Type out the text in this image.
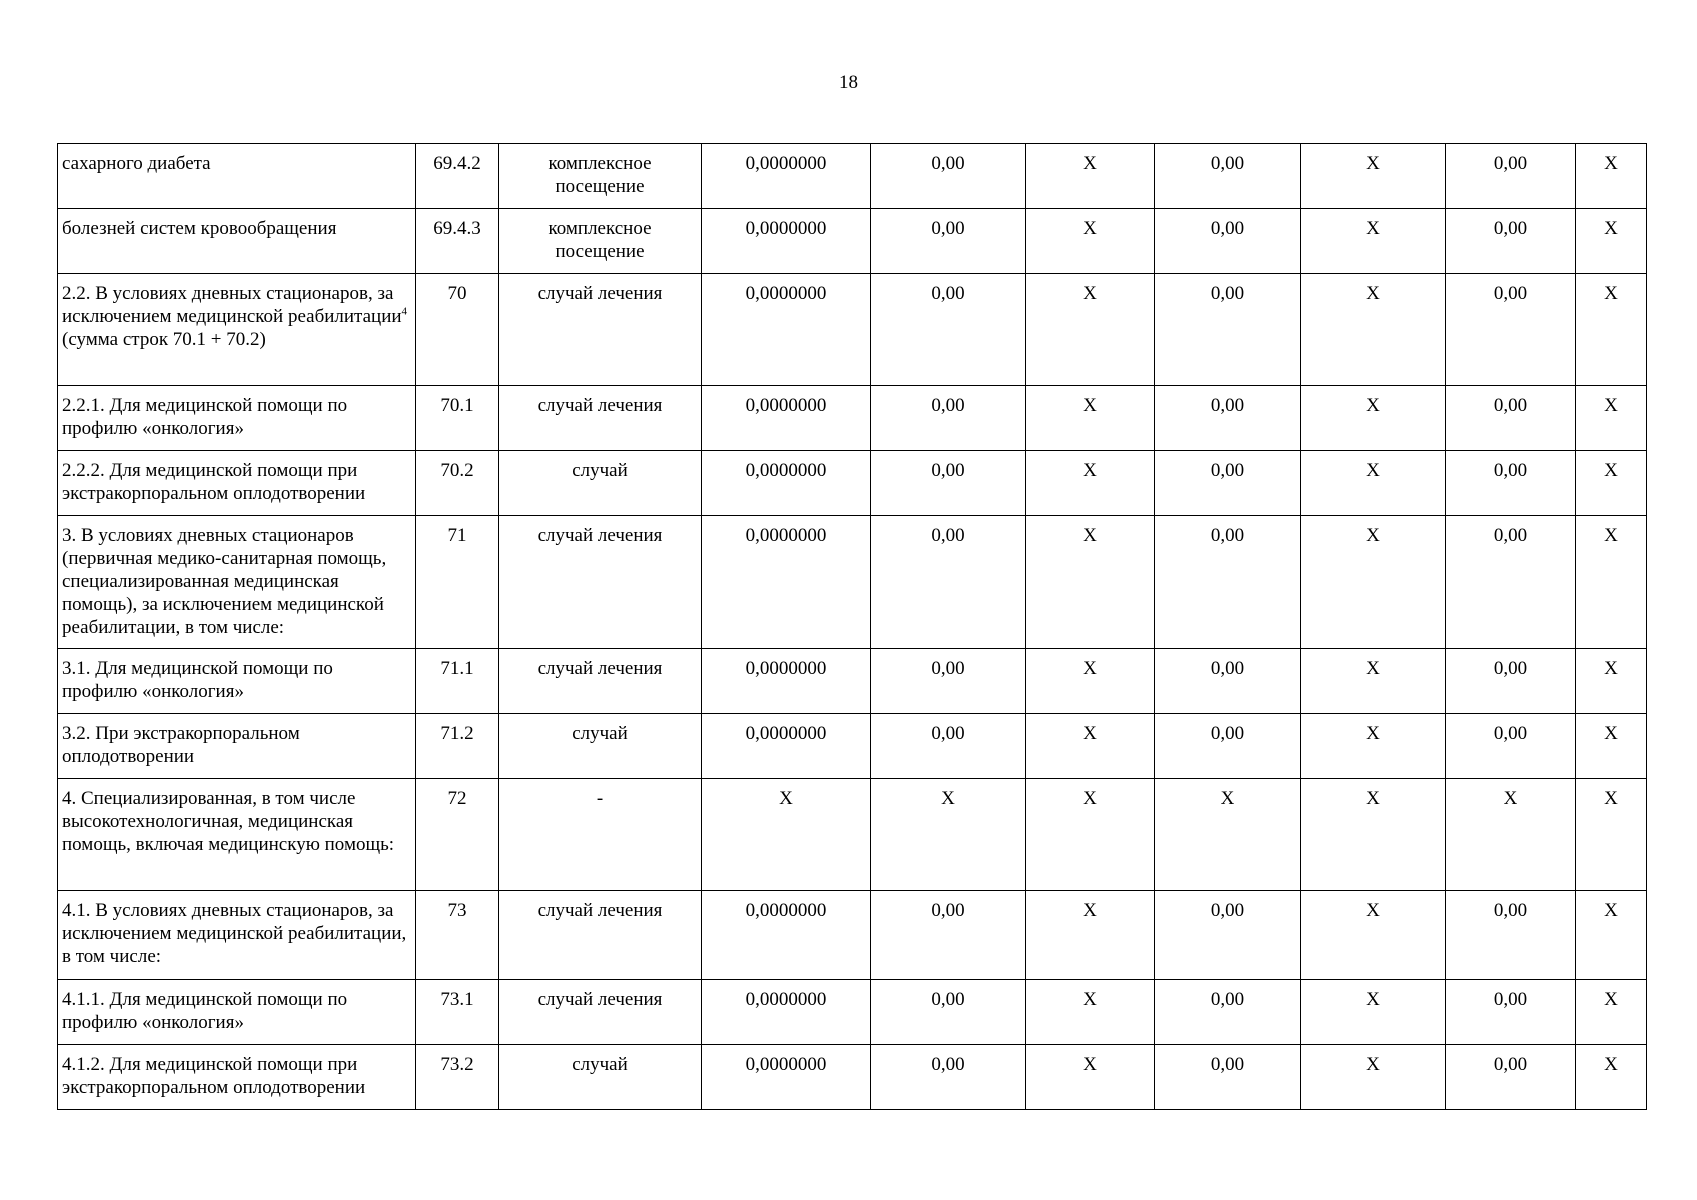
18
сахарного диабета	69.4.2	комплексное посещение	0,0000000	0,00	X	0,00	X	0,00	X
болезней систем кровообращения	69.4.3	комплексное посещение	0,0000000	0,00	X	0,00	X	0,00	X
2.2. В условиях дневных стационаров, за исключением медицинской реабилитации$^4$ (сумма строк 70.1 + 70.2)	70	случай лечения	0,0000000	0,00	X	0,00	X	0,00	X
2.2.1. Для медицинской помощи по профилю «онкология»	70.1	случай лечения	0,0000000	0,00	X	0,00	X	0,00	X
2.2.2. Для медицинской помощи при экстракорпоральном оплодотворении	70.2	случай	0,0000000	0,00	X	0,00	X	0,00	X
3. В условиях дневных стационаров (первичная медико-санитарная помощь, специализированная медицинская помощь), за исключением медицинской реабилитации, в том числе:	71	случай лечения	0,0000000	0,00	X	0,00	X	0,00	X
3.1. Для медицинской помощи по профилю «онкология»	71.1	случай лечения	0,0000000	0,00	X	0,00	X	0,00	X
3.2. При экстракорпоральном оплодотворении	71.2	случай	0,0000000	0,00	X	0,00	X	0,00	X
4. Специализированная, в том числе высокотехнологичная, медицинская помощь, включая медицинскую помощь:	72	-	X	X	X	X	X	X	X
4.1. В условиях дневных стационаров, за исключением медицинской реабилитации, в том числе:	73	случай лечения	0,0000000	0,00	X	0,00	X	0,00	X
4.1.1. Для медицинской помощи по профилю «онкология»	73.1	случай лечения	0,0000000	0,00	X	0,00	X	0,00	X
4.1.2. Для медицинской помощи при экстракорпоральном оплодотворении	73.2	случай	0,0000000	0,00	X	0,00	X	0,00	X
